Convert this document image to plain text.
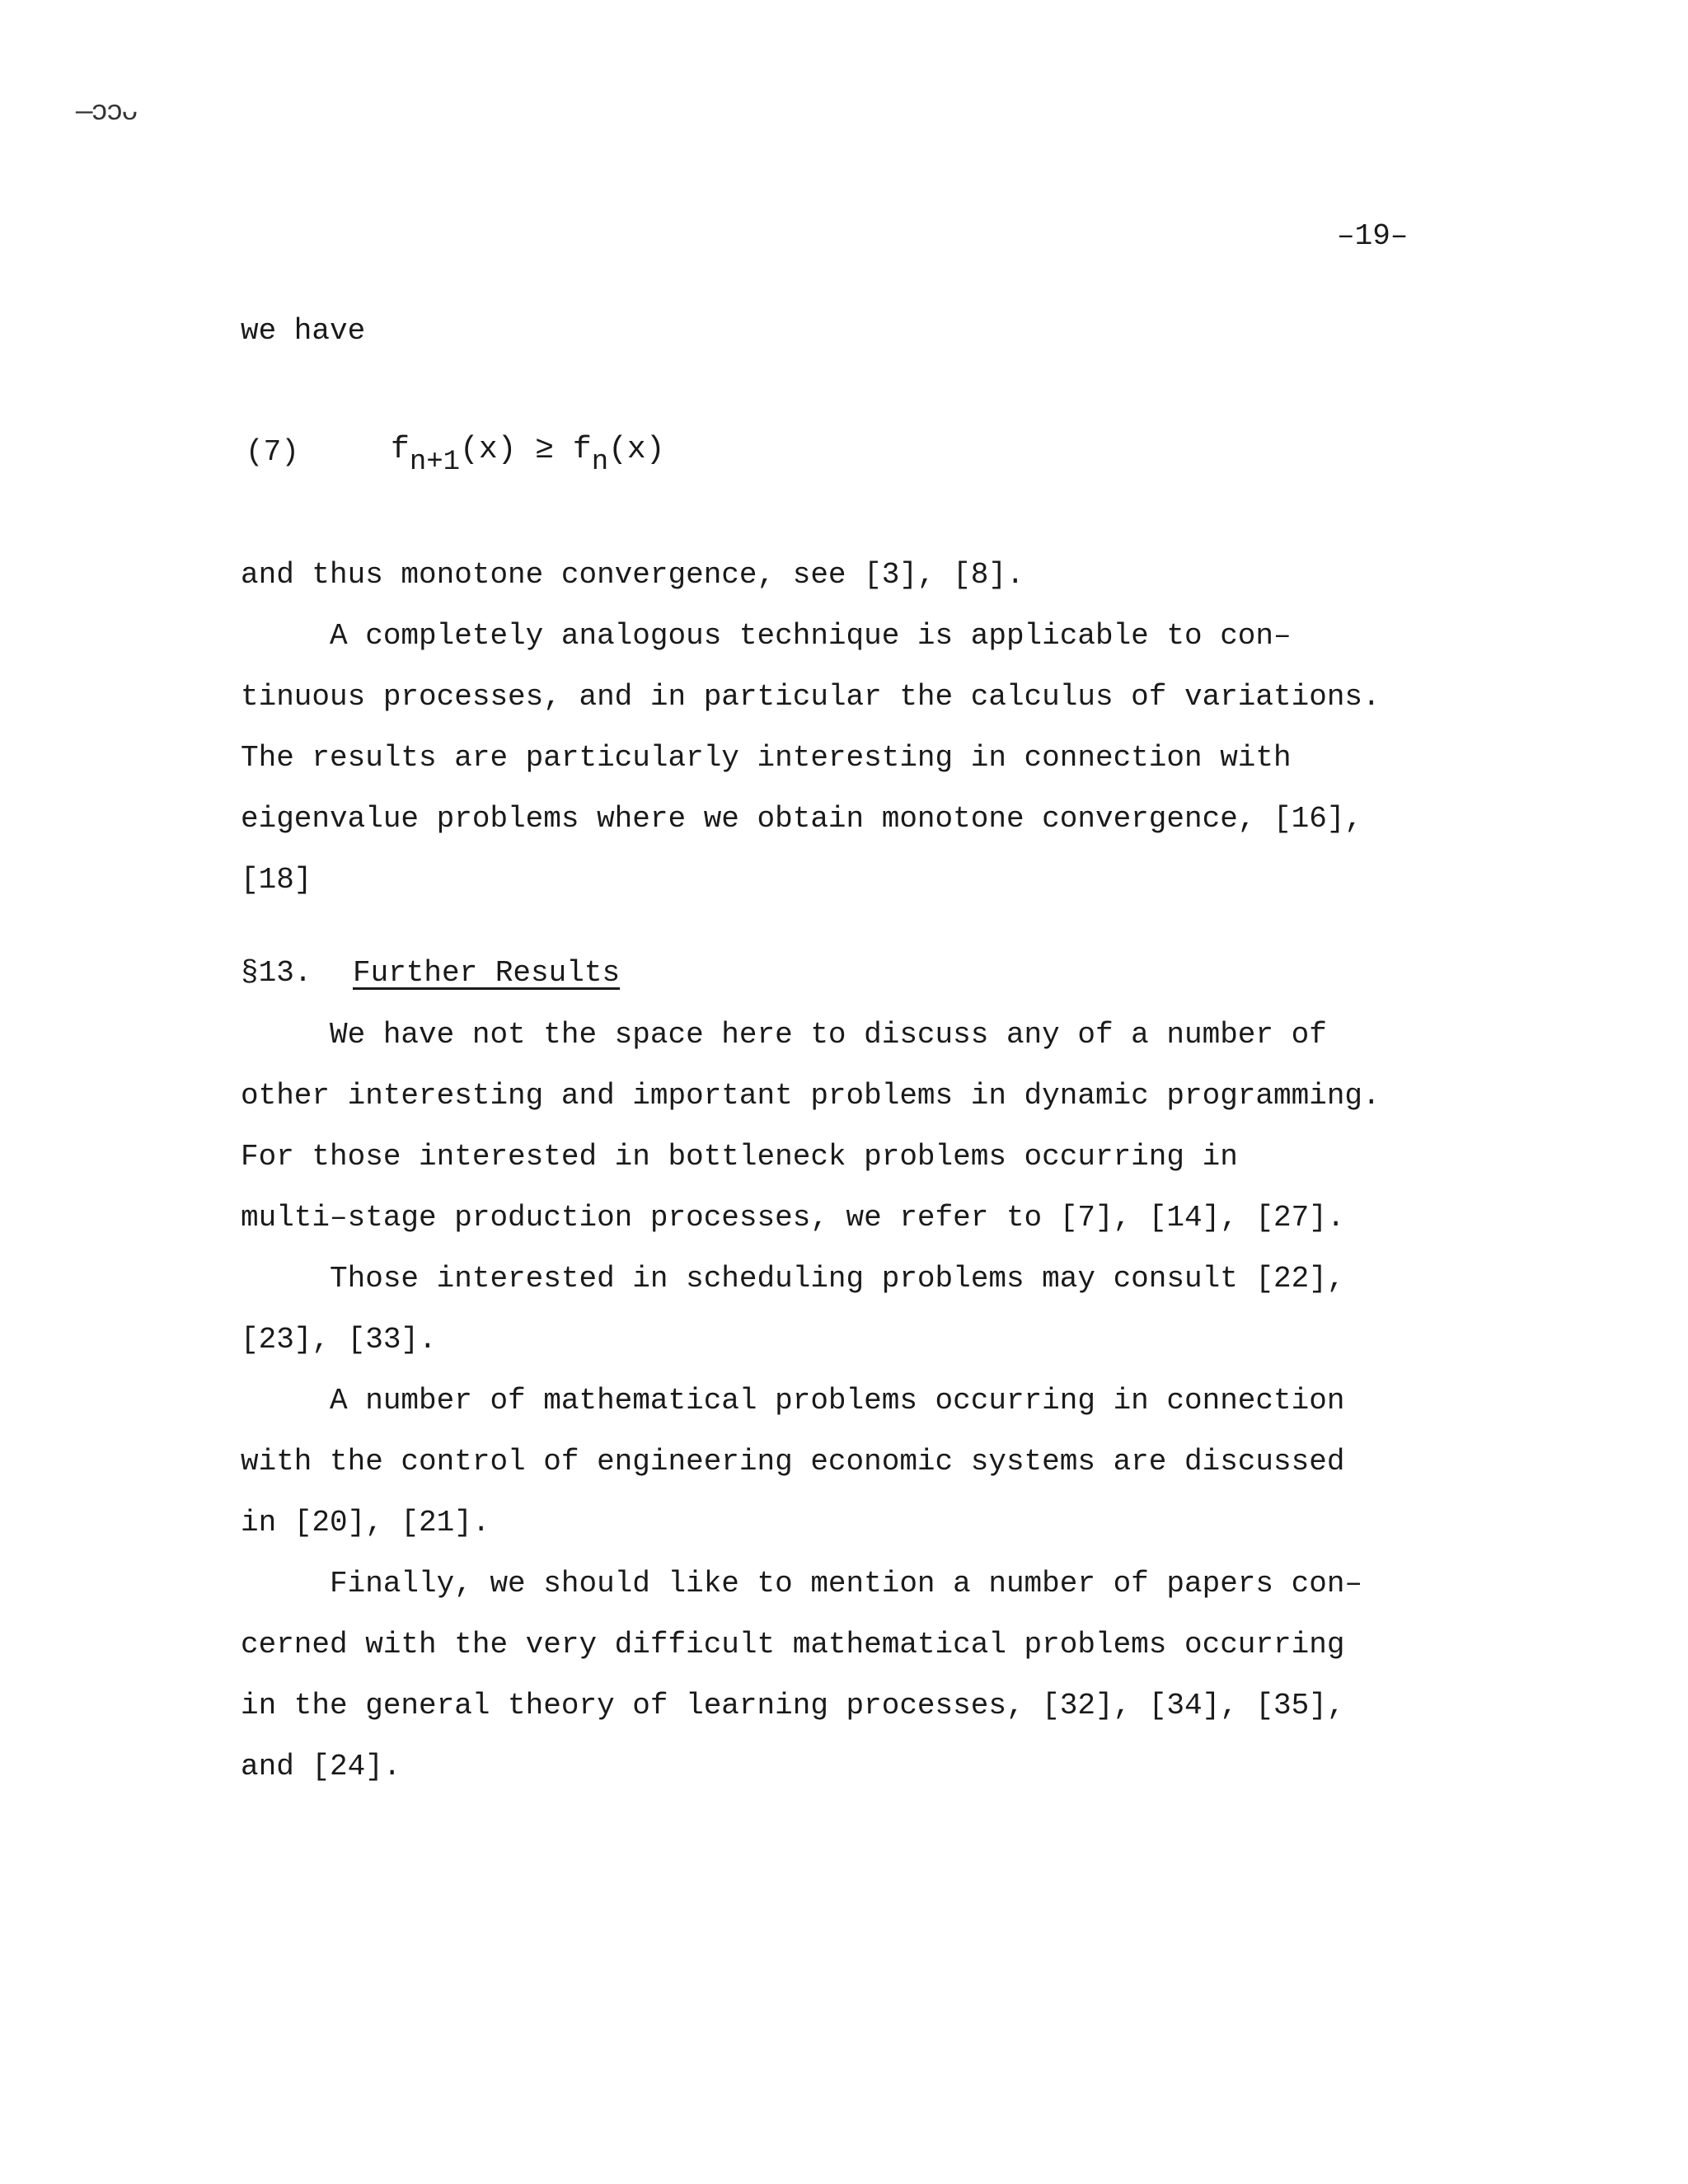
—ɔɔᴗ
–19–
we have
(7)	$f_{n+1}(x) \ge f_n(x)$
and thus monotone convergence, see [3], [8].
A completely analogous technique is applicable to con–
tinuous processes, and in particular the calculus of variations.
The results are particularly interesting in connection with
eigenvalue problems where we obtain monotone convergence, [16],
[18]
§13. Further Results
We have not the space here to discuss any of a number of
other interesting and important problems in dynamic programming.
For those interested in bottleneck problems occurring in
multi–stage production processes, we refer to [7], [14], [27].
Those interested in scheduling problems may consult [22],
[23], [33].
A number of mathematical problems occurring in connection
with the control of engineering economic systems are discussed
in [20], [21].
Finally, we should like to mention a number of papers con–
cerned with the very difficult mathematical problems occurring
in the general theory of learning processes, [32], [34], [35],
and [24].
